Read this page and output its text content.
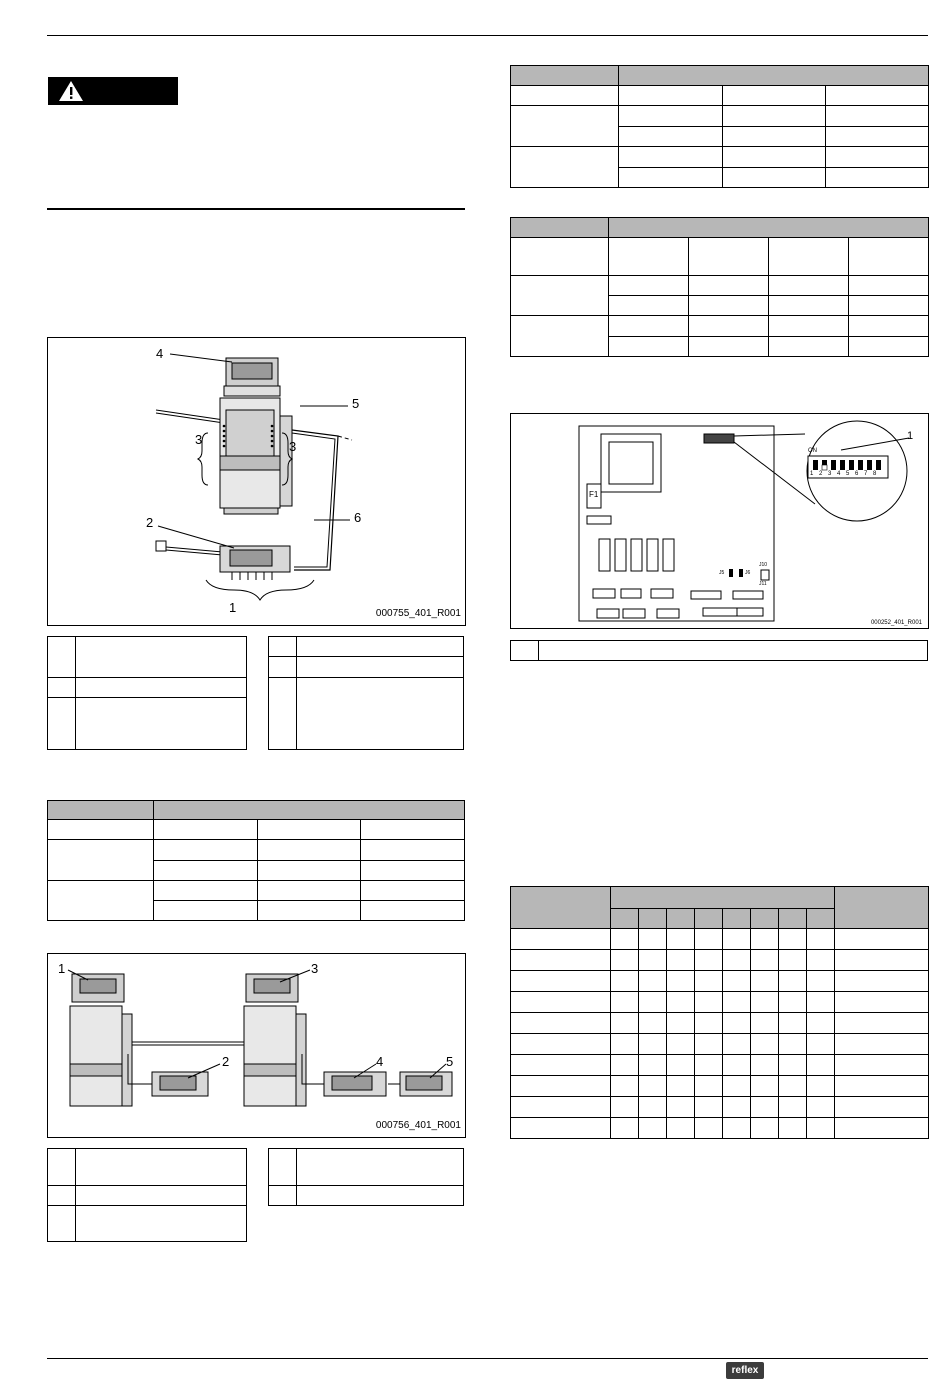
4
5
3	3
2	6
1	000755_401_R001

1
2
3
4	5
000756_401_R001

F1
ON
1 2 3 4 5 6 7 8
J5	J6
J10
J11
1
000252_401_R001

reflex
